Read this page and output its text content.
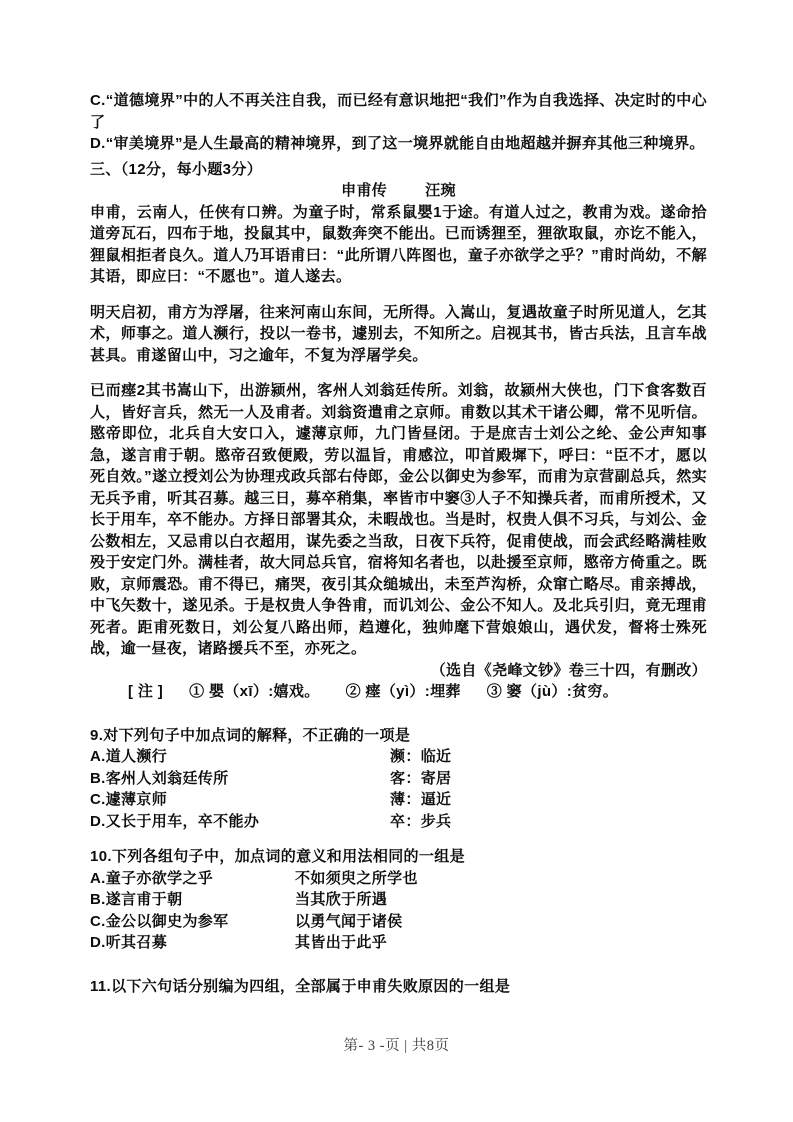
C.“道德境界”中的人不再关注自我，而已经有意识地把“我们”作为自我选择、决定时的中心了

D.“审美境界”是人生最高的精神境界，到了这一境界就能自由地超越并摒弃其他三种境界。

三、（12分，每小题3分）

申甫传	汪琬

申甫，云南人，任侠有口辨。为童子时，常系鼠嬰1于途。有道人过之，教甫为戏。遂命拾道旁瓦石，四布于地，投鼠其中，鼠数奔突不能出。已而诱狸至，狸欲取鼠，亦讫不能入，狸鼠相拒者良久。道人乃耳语甫曰：“此所谓八阵图也，童子亦欲学之乎？”甫时尚幼，不解其语，即应曰：“不愿也”。道人遂去。

明天启初，甫方为浮屠，往来河南山东间，无所得。入嵩山，复遇故童子时所见道人，乞其术，师事之。道人濒行，投以一卷书，遽别去，不知所之。启视其书，皆古兵法，且言车战甚具。甫遂留山中，习之逾年，不复为浮屠学矣。

已而瘗2其书嵩山下，出游颍州，客州人刘翁廷传所。刘翁，故颍州大侠也，门下食客数百人，皆好言兵，然无一人及甫者。刘翁资遣甫之京师。甫数以其术干诸公卿，常不见听信。愍帝即位，北兵自大安口入，遽薄京师，九门皆昼闭。于是庶吉士刘公之纶、金公声知事急，遂言甫于朝。愍帝召致便殿，劳以温旨，甫感泣，叩首殿墀下，呼曰：“臣不才，愿以死自效。”遂立授刘公为协理戎政兵部右侍郎，金公以御史为参军，而甫为京营副总兵，然实无兵予甫，听其召募。越三日，募卒稍集，率皆市中窭③人子不知操兵者，而甫所授术，又长于用车，卒不能办。方择日部署其众，未暇战也。当是时，权贵人俱不习兵，与刘公、金公数相左，又忌甫以白衣超用，谋先委之当敌，日夜下兵符，促甫使战，而会武经略满桂败殁于安定门外。满桂者，故大同总兵官，宿将知名者也，以赴援至京师，愍帝方倚重之。既败，京师震恐。甫不得已，痛哭，夜引其众缒城出，未至芦沟桥，众窜亡略尽。甫亲搏战，中飞矢数十，遂见杀。于是权贵人争咎甫，而讥刘公、金公不知人。及北兵引归，竟无理甫死者。距甫死数日，刘公复八路出师，趋遵化，独帅麾下营娘娘山，遇伏发，督将士殊死战，逾一昼夜，诸路援兵不至，亦死之。

（选自《尧峰文钞》卷三十四，有删改）

[ 注 ] ① 嬰（xī）:嬉戏。 ② 瘗（yì）:埋葬 ③ 窭（jù）:贫穷。
9. 对下列句子中加点词的解释，不正确的一项是
A.道人濒行	濒：临近
B.客州人刘翁廷传所	客：寄居
C.遽薄京师	薄：逼近
D.又长于用车，卒不能办	卒：步兵
10. 下列各组句子中，加点词的意义和用法相同的一组是
A.童子亦欲学之乎	不如须臾之所学也
B.遂言甫于朝	当其欣于所遇
C.金公以御史为参军	以勇气闻于诸侯
D.听其召募	其皆出于此乎
11. 以下六句话分别编为四组，全部属于申甫失败原因的一组是
第- 3 -页 | 共8页
